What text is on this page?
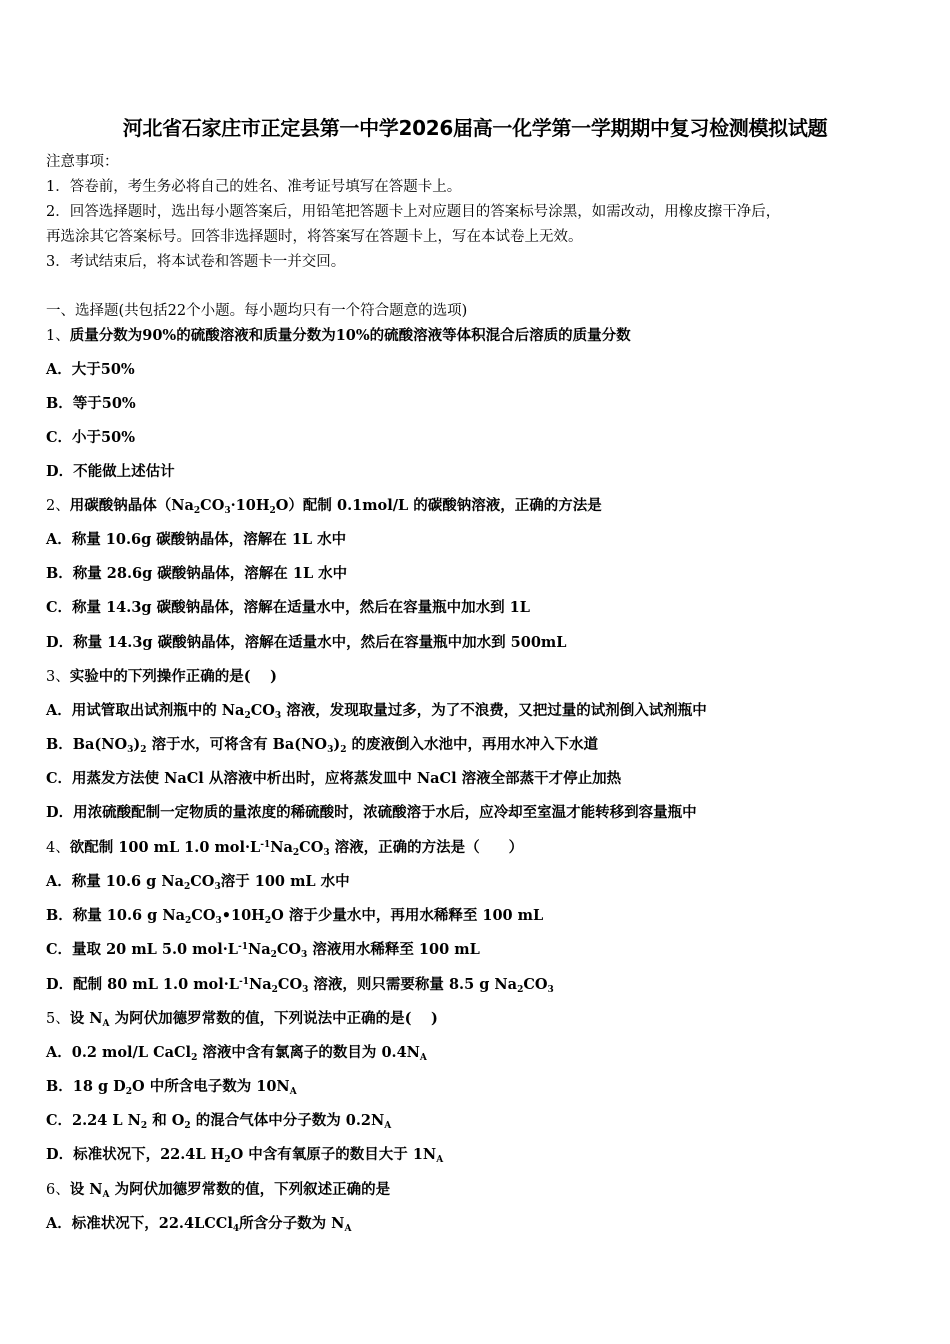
河北省石家庄市正定县第一中学2026届高一化学第一学期期中复习检测模拟试题
注意事项：
1．答卷前，考生务必将自己的姓名、准考证号填写在答题卡上。
2．回答选择题时，选出每小题答案后，用铅笔把答题卡上对应题目的答案标号涂黑，如需改动，用橡皮擦干净后，
再选涂其它答案标号。回答非选择题时，将答案写在答题卡上，写在本试卷上无效。
3．考试结束后，将本试卷和答题卡一并交回。
一、选择题(共包括22个小题。每小题均只有一个符合题意的选项)
1、质量分数为90%的硫酸溶液和质量分数为10%的硫酸溶液等体积混合后溶质的质量分数
A．大于50%
B．等于50%
C．小于50%
D．不能做上述估计
2、用碳酸钠晶体$(Na_2CO_3\cdot 10H_2O)$配制 0.1mol/L 的碳酸钠溶液，正确的方法是
A．称量 10.6g 碳酸钠晶体，溶解在 1L 水中
B．称量 28.6g 碳酸钠晶体，溶解在 1L 水中
C．称量 14.3g 碳酸钠晶体，溶解在适量水中，然后在容量瓶中加水到 1L
D．称量 14.3g 碳酸钠晶体，溶解在适量水中，然后在容量瓶中加水到 500mL
3、实验中的下列操作正确的是(　 )
A．用试管取出试剂瓶中的 $Na_2CO_3$ 溶液，发现取量过多，为了不浪费，又把过量的试剂倒入试剂瓶中
B．$Ba(NO_3)_2$ 溶于水，可将含有 $Ba(NO_3)_2$ 的废液倒入水池中，再用水冲入下水道
C．用蒸发方法使 NaCl 从溶液中析出时，应将蒸发皿中 NaCl 溶液全部蒸干才停止加热
D．用浓硫酸配制一定物质的量浓度的稀硫酸时，浓硫酸溶于水后，应冷却至室温才能转移到容量瓶中
4、欲配制 100 mL 1.0 $mol\cdot L^{-1}Na_2CO_3$ 溶液，正确的方法是（　　）
A．称量 10.6 g $Na_2CO_3$溶于 100 mL 水中
B．称量 10.6 g $Na_2CO_3•10H_2O$ 溶于少量水中，再用水稀释至 100 mL
C．量取 20 mL 5.0 $mol\cdot L^{-1}Na_2CO_3$ 溶液用水稀释至 100 mL
D．配制 80 mL 1.0 $mol\cdot L^{-1}Na_2CO_3$ 溶液，则只需要称量 8.5 g $Na_2CO_3$
5、设 $N_A$ 为阿伏加德罗常数的值，下列说法中正确的是(　 )
A．0.2 mol/L CaCl$_2$ 溶液中含有氯离子的数目为 $0.4N_A$
B．18 g $D_2O$ 中所含电子数为 $10N_A$
C．2.24 L $N_2$ 和 $O_2$ 的混合气体中分子数为 $0.2N_A$
D．标准状况下，22.4L $H_2O$ 中含有氧原子的数目大于 $1N_A$
6、设 $N_A$ 为阿伏加德罗常数的值，下列叙述正确的是
A．标准状况下，22.4LCCl$_4$所含分子数为 $N_A$
